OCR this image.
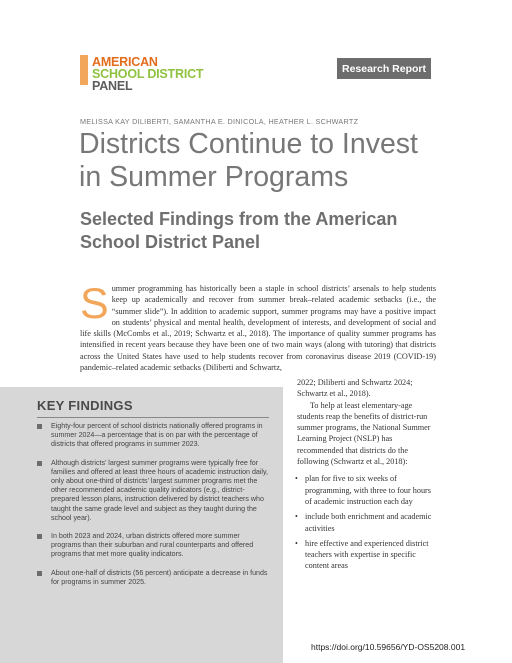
AMERICAN
SCHOOL DISTRICT
PANEL
Research Report
MELISSA KAY DILIBERTI, SAMANTHA E. DINICOLA, HEATHER L. SCHWARTZ
Districts Continue to Invest in Summer Programs
Selected Findings from the American School District Panel

Summer programming has historically been a staple in school districts’ arsenals to help students keep up academically and recover from summer break–related academic setbacks (i.e., the “summer slide”). In addition to academic support, summer programs may have a positive impact on students’ physical and mental health, development of interests, and development of social and life skills (McCombs et al., 2019; Schwartz et al., 2018). The importance of quality summer programs has intensified in recent years because they have been one of two main ways (along with tutoring) that districts across the United States have used to help students recover from coronavirus disease 2019 (COVID-19) pandemic–related academic setbacks (Diliberti and Schwartz,

KEY FINDINGS
Eighty-four percent of school districts nationally offered programs in summer 2024—a percentage that is on par with the percentage of districts that offered programs in summer 2023.
Although districts’ largest summer programs were typically free for families and offered at least three hours of academic instruction daily, only about one-third of districts’ largest summer programs met the other recommended academic quality indicators (e.g., district-prepared lesson plans, instruction delivered by district teachers who taught the same grade level and subject as they taught during the school year).
In both 2023 and 2024, urban districts offered more summer programs than their suburban and rural counterparts and offered programs that met more quality indicators.
About one-half of districts (56 percent) anticipate a decrease in funds for programs in summer 2025.

2022; Diliberti and Schwartz 2024; Schwartz et al., 2018).

To help at least elementary-age students reap the benefits of district-run summer programs, the National Summer Learning Project (NSLP) has recommended that districts do the following (Schwartz et al., 2018):

• plan for five to six weeks of programming, with three to four hours of academic instruction each day
• include both enrichment and academic activities
• hire effective and experienced district teachers with expertise in specific content areas
https://doi.org/10.59656/YD-OS5208.001
